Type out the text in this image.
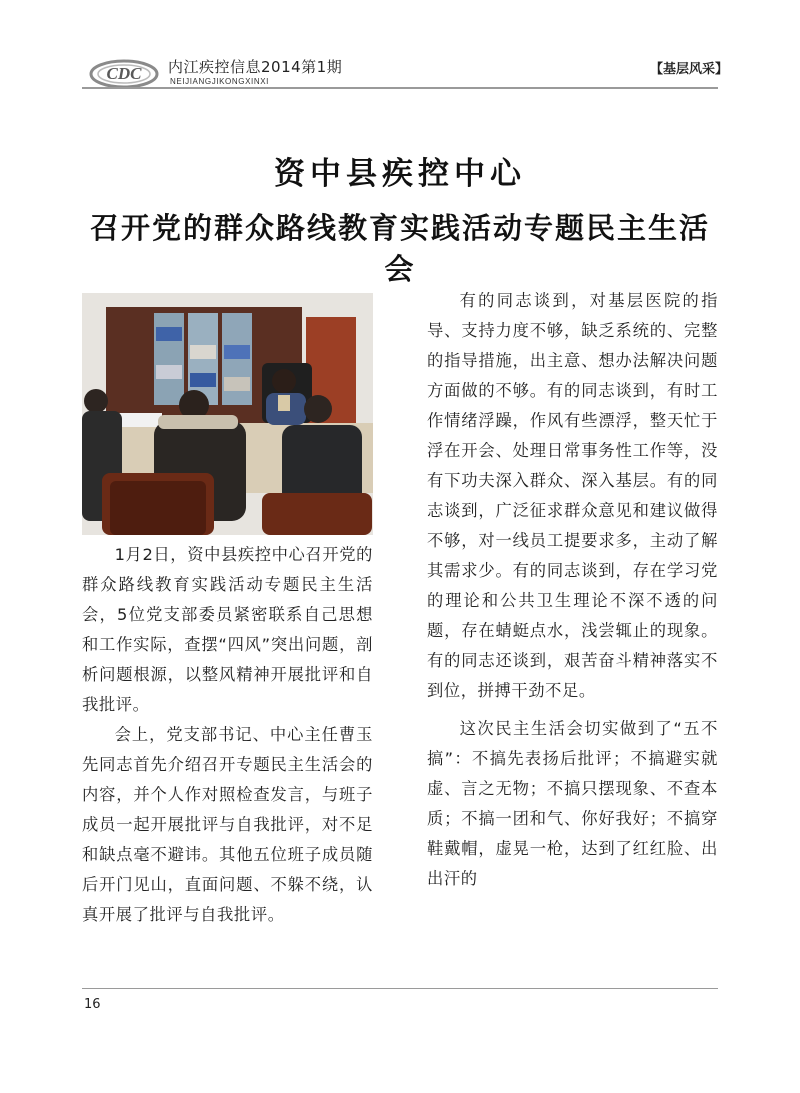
CDC 内江疾控信息2014第1期
NEIJIANGJIKONGXINXI
【基层风采】
资中县疾控中心
召开党的群众路线教育实践活动专题民主生活会

1月2日，资中县疾控中心召开党的群众路线教育实践活动专题民主生活会，5位党支部委员紧密联系自己思想和工作实际，查摆“四风”突出问题，剖析问题根源，以整风精神开展批评和自我批评。

会上，党支部书记、中心主任曹玉先同志首先介绍召开专题民主生活会的内容，并个人作对照检查发言，与班子成员一起开展批评与自我批评，对不足和缺点毫不避讳。其他五位班子成员随后开门见山，直面问题、不躲不绕，认真开展了批评与自我批评。

有的同志谈到，对基层医院的指导、支持力度不够，缺乏系统的、完整的指导措施，出主意、想办法解决问题方面做的不够。有的同志谈到，有时工作情绪浮躁，作风有些漂浮，整天忙于浮在开会、处理日常事务性工作等，没有下功夫深入群众、深入基层。有的同志谈到，广泛征求群众意见和建议做得不够，对一线员工提要求多，主动了解其需求少。有的同志谈到，存在学习党的理论和公共卫生理论不深不透的问题，存在蜻蜓点水，浅尝辄止的现象。有的同志还谈到，艰苦奋斗精神落实不到位，拼搏干劲不足。

这次民主生活会切实做到了“五不搞”：不搞先表扬后批评；不搞避实就虚、言之无物；不搞只摆现象、不查本质；不搞一团和气、你好我好；不搞穿鞋戴帽，虚晃一枪，达到了红红脸、出出汗的

16
